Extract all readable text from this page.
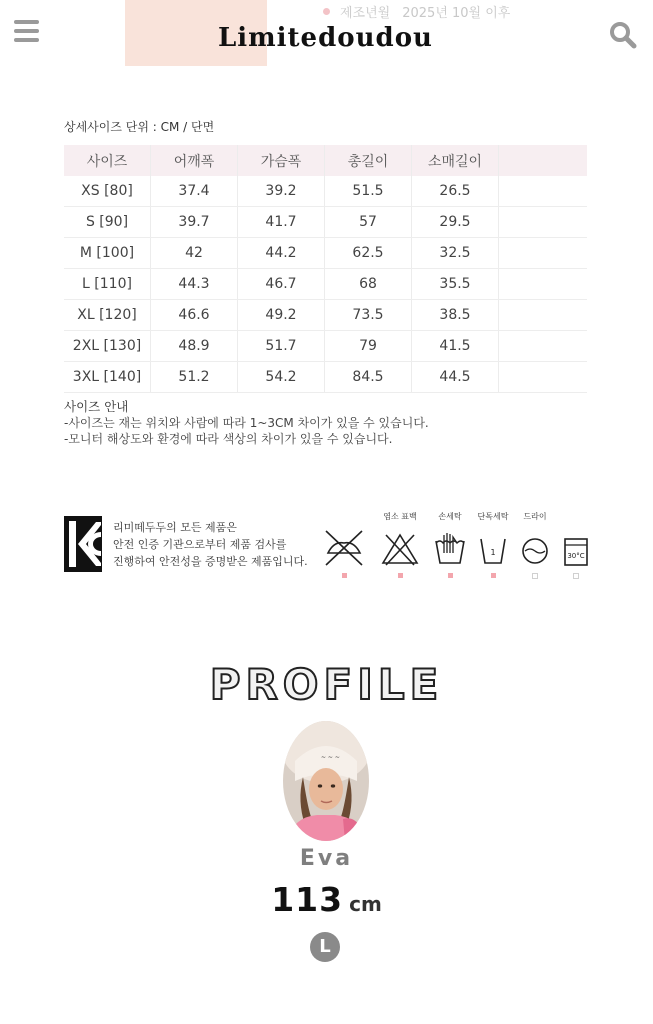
제조년월 2025년 10월 이후
Limitedoudou
상세사이즈 단위 : CM / 단면
사이즈	어깨폭	가슴폭	총길이	소매길이	
XS [80]	37.4	39.2	51.5	26.5	
S [90]	39.7	41.7	57	29.5	
M [100]	42	44.2	62.5	32.5	
L [110]	44.3	46.7	68	35.5	
XL [120]	46.6	49.2	73.5	38.5	
2XL [130]	48.9	51.7	79	41.5	
3XL [140]	51.2	54.2	84.5	44.5	
사이즈 안내
-사이즈는 재는 위치와 사람에 따라 1~3CM 차이가 있을 수 있습니다.
-모니터 해상도와 환경에 따라 색상의 차이가 있을 수 있습니다.
리미떼두두의 모든 제품은
안전 인증 기관으로부터 제품 검사를
진행하여 안전성을 증명받은 제품입니다.
염소 표백	손세탁	단독세탁
1
드라이
30°C
PROFILE
~ ~ ~
Eva
113 cm
L
